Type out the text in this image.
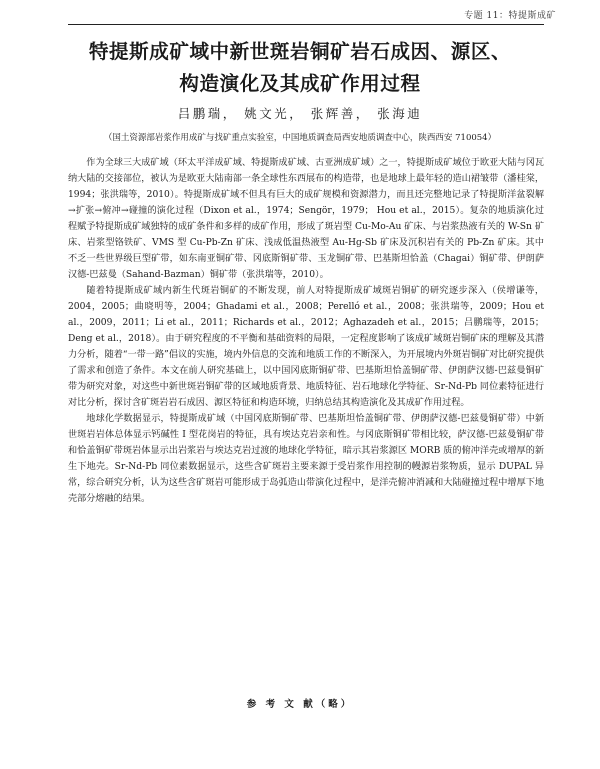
专题 11：特提斯成矿
特提斯成矿域中新世斑岩铜矿岩石成因、源区、
构造演化及其成矿作用过程
吕鹏瑞， 姚文光， 张辉善， 张海迪
（国土资源部岩浆作用成矿与找矿重点实验室，中国地质调查局西安地质调查中心，陕西西安 710054）

作为全球三大成矿域（环太平洋成矿域、特提斯成矿域、古亚洲成矿域）之一，特提斯成矿域位于欧亚大陆与冈瓦纳大陆的交接部位，被认为是欧亚大陆南部一条全球性东西展布的构造带，也是地球上最年轻的造山裙皱带（潘桂棠，1994；张洪瑞等，2010）。特提斯成矿域不但具有巨大的成矿规模和资源潜力，而且还完整地记录了特提斯洋盆裂解→扩张→俯冲→碰撞的演化过程（Dixon et al.，1974；Sengör，1979； Hou et al.，2015）。复杂的地质演化过程赋予特提斯成矿域独特的成矿条件和多样的成矿作用，形成了斑岩型 Cu-Mo-Au 矿床、与岩浆热液有关的 W-Sn 矿床、岩浆型铬铁矿、VMS 型 Cu-Pb-Zn 矿床、浅成低温热液型 Au-Hg-Sb 矿床及沉积岩有关的 Pb-Zn 矿床。其中不乏一些世界级巨型矿带，如东南亚铜矿带、冈底斯铜矿带、玉龙铜矿带、巴基斯坦恰盖（Chagai）铜矿带、伊朗萨汉德-巴兹曼（Sahand-Bazman）铜矿带（张洪瑞等，2010）。

随着特提斯成矿域内新生代斑岩铜矿的不断发现，前人对特提斯成矿域斑岩铜矿的研究逐步深入（侯增谦等，2004，2005；曲晓明等，2004；Ghadami et al.，2008；Perelló et al.，2008；张洪瑞等，2009；Hou et al.，2009，2011；Li et al.，2011；Richards et al.，2012；Aghazadeh et al.，2015；吕鹏瑞等，2015；Deng et al.，2018）。由于研究程度的不平衡和基础资料的局限，一定程度影响了该成矿域斑岩铜矿床的理解及其潜力分析，随着“一带一路”倡议的实施，境内外信息的交流和地质工作的不断深入，为开展境内外斑岩铜矿对比研究提供了需求和创造了条件。本文在前人研究基础上，以中国冈底斯铜矿带、巴基斯坦恰盖铜矿带、伊朗萨汉德-巴兹曼铜矿带为研究对象，对这些中新世斑岩铜矿带的区域地质背景、地质特征、岩石地球化学特征、Sr-Nd-Pb 同位素特征进行对比分析，探讨含矿斑岩岩石成因、源区特征和构造环境，归纳总结其构造演化及其成矿作用过程。

地球化学数据显示，特提斯成矿域（中国冈底斯铜矿带、巴基斯坦恰盖铜矿带、伊朗萨汉德-巴兹曼铜矿带）中新世斑岩岩体总体显示钙碱性 I 型花岗岩的特征，具有埃达克岩亲和性。与冈底斯铜矿带相比较，萨汉德-巴兹曼铜矿带和恰盖铜矿带斑岩体显示出岩浆岩与埃达克岩过渡的地球化学特征，暗示其岩浆源区 MORB 质的俯冲洋壳或增厚的新生下地壳。Sr-Nd-Pb 同位素数据显示，这些含矿斑岩主要来源于受岩浆作用控制的幔源岩浆物质，显示 DUPAL 异常，综合研究分析，认为这些含矿斑岩可能形成于岛弧造山带演化过程中，是洋壳俯冲消减和大陆碰撞过程中增厚下地壳部分熔融的结果。

参 考 文 献（略）
